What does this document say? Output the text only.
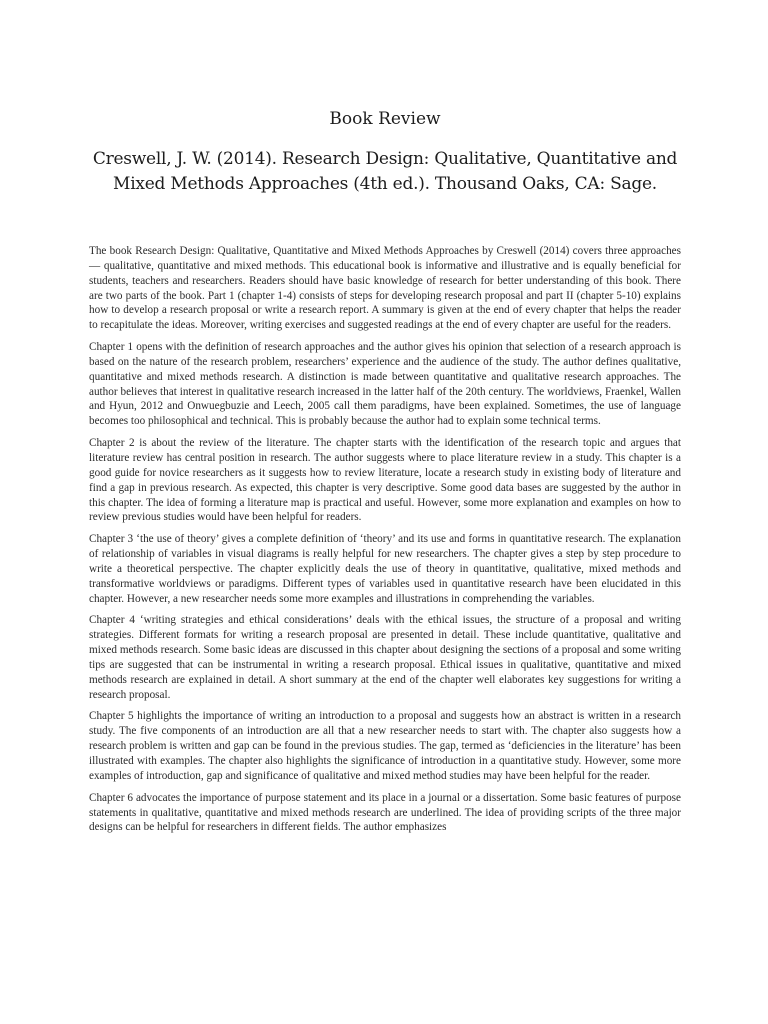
Book Review
Creswell, J. W. (2014). Research Design: Qualitative, Quantitative and Mixed Methods Approaches (4th ed.). Thousand Oaks, CA: Sage.

The book Research Design: Qualitative, Quantitative and Mixed Methods Approaches by Creswell (2014) covers three approaches— qualitative, quantitative and mixed methods. This educational book is informative and illustrative and is equally beneficial for students, teachers and researchers. Readers should have basic knowledge of research for better understanding of this book. There are two parts of the book. Part 1 (chapter 1-4) consists of steps for developing research proposal and part II (chapter 5-10) explains how to develop a research proposal or write a research report. A summary is given at the end of every chapter that helps the reader to recapitulate the ideas. Moreover, writing exercises and suggested readings at the end of every chapter are useful for the readers.

Chapter 1 opens with the definition of research approaches and the author gives his opinion that selection of a research approach is based on the nature of the research problem, researchers’ experience and the audience of the study. The author defines qualitative, quantitative and mixed methods research. A distinction is made between quantitative and qualitative research approaches. The author believes that interest in qualitative research increased in the latter half of the 20th century. The worldviews, Fraenkel, Wallen and Hyun, 2012 and Onwuegbuzie and Leech, 2005 call them paradigms, have been explained. Sometimes, the use of language becomes too philosophical and technical. This is probably because the author had to explain some technical terms.

Chapter 2 is about the review of the literature. The chapter starts with the identification of the research topic and argues that literature review has central position in research. The author suggests where to place literature review in a study. This chapter is a good guide for novice researchers as it suggests how to review literature, locate a research study in existing body of literature and find a gap in previous research. As expected, this chapter is very descriptive. Some good data bases are suggested by the author in this chapter. The idea of forming a literature map is practical and useful. However, some more explanation and examples on how to review previous studies would have been helpful for readers.

Chapter 3 ‘the use of theory’ gives a complete definition of ‘theory’ and its use and forms in quantitative research. The explanation of relationship of variables in visual diagrams is really helpful for new researchers. The chapter gives a step by step procedure to write a theoretical perspective. The chapter explicitly deals the use of theory in quantitative, qualitative, mixed methods and transformative worldviews or paradigms. Different types of variables used in quantitative research have been elucidated in this chapter. However, a new researcher needs some more examples and illustrations in comprehending the variables.

Chapter 4 ‘writing strategies and ethical considerations’ deals with the ethical issues, the structure of a proposal and writing strategies. Different formats for writing a research proposal are presented in detail. These include quantitative, qualitative and mixed methods research. Some basic ideas are discussed in this chapter about designing the sections of a proposal and some writing tips are suggested that can be instrumental in writing a research proposal. Ethical issues in qualitative, quantitative and mixed methods research are explained in detail. A short summary at the end of the chapter well elaborates key suggestions for writing a research proposal.

Chapter 5 highlights the importance of writing an introduction to a proposal and suggests how an abstract is written in a research study. The five components of an introduction are all that a new researcher needs to start with. The chapter also suggests how a research problem is written and gap can be found in the previous studies. The gap, termed as ‘deficiencies in the literature’ has been illustrated with examples. The chapter also highlights the significance of introduction in a quantitative study. However, some more examples of introduction, gap and significance of qualitative and mixed method studies may have been helpful for the reader.

Chapter 6 advocates the importance of purpose statement and its place in a journal or a dissertation. Some basic features of purpose statements in qualitative, quantitative and mixed methods research are underlined. The idea of providing scripts of the three major designs can be helpful for researchers in different fields. The author emphasizes
